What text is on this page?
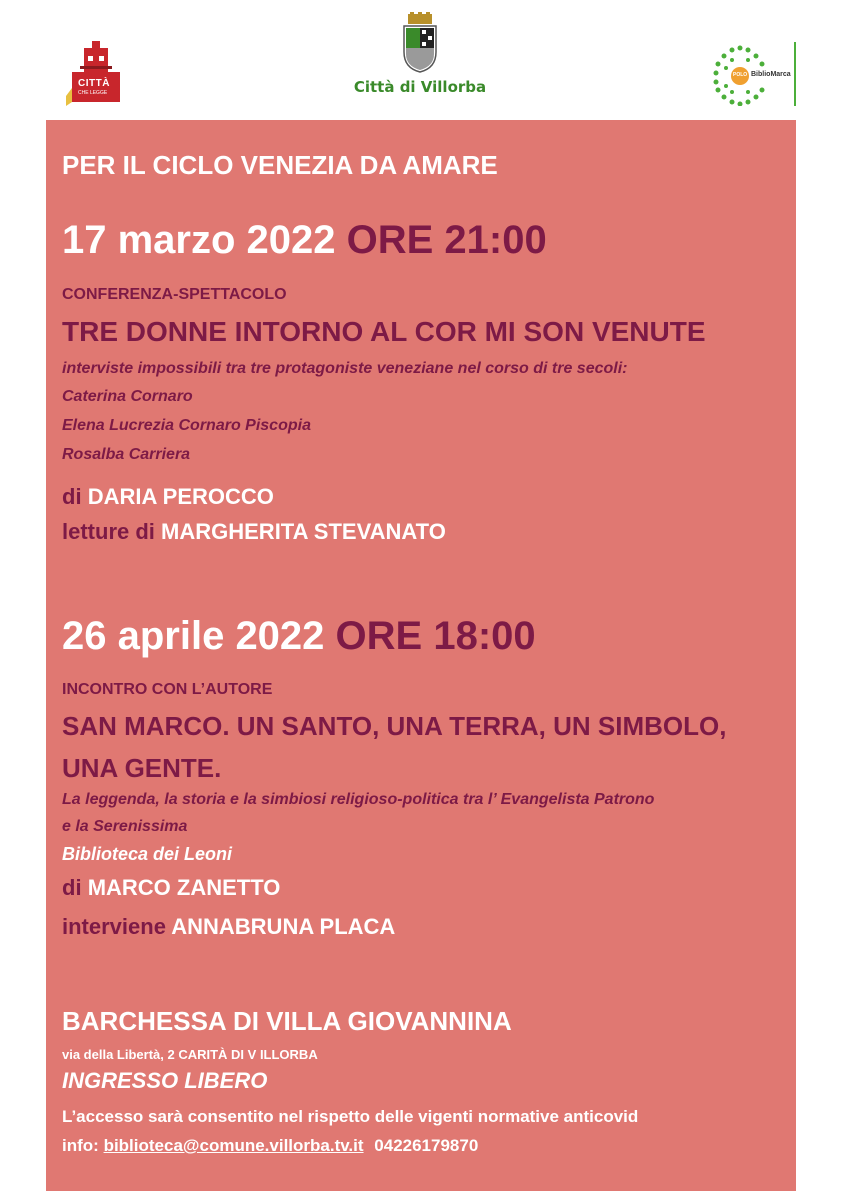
CITTÀ
CHE LEGGE	Città di Villorba
POLO BiblioMarca
PER IL CICLO VENEZIA DA AMARE
17 marzo 2022 ORE 21:00
CONFERENZA-SPETTACOLO
TRE DONNE INTORNO AL COR MI SON VENUTE
interviste impossibili tra tre protagoniste veneziane nel corso di tre secoli:
Caterina Cornaro
Elena Lucrezia Cornaro Piscopia
Rosalba Carriera
di DARIA PEROCCO
letture di MARGHERITA STEVANATO
26 aprile 2022 ORE 18:00
INCONTRO CON L’AUTORE
SAN MARCO. UN SANTO, UNA TERRA, UN SIMBOLO,
UNA GENTE.
La leggenda, la storia e la simbiosi religioso-politica tra l’ Evangelista Patrono
e la Serenissima
Biblioteca dei Leoni
di MARCO ZANETTO
interviene ANNABRUNA PLACA
BARCHESSA DI VILLA GIOVANNINA
via della Libertà, 2 CARITÀ DI V ILLORBA
INGRESSO LIBERO
L’accesso sarà consentito nel rispetto delle vigenti normative anticovid
info: biblioteca@comune.villorba.tv.it 04226179870
